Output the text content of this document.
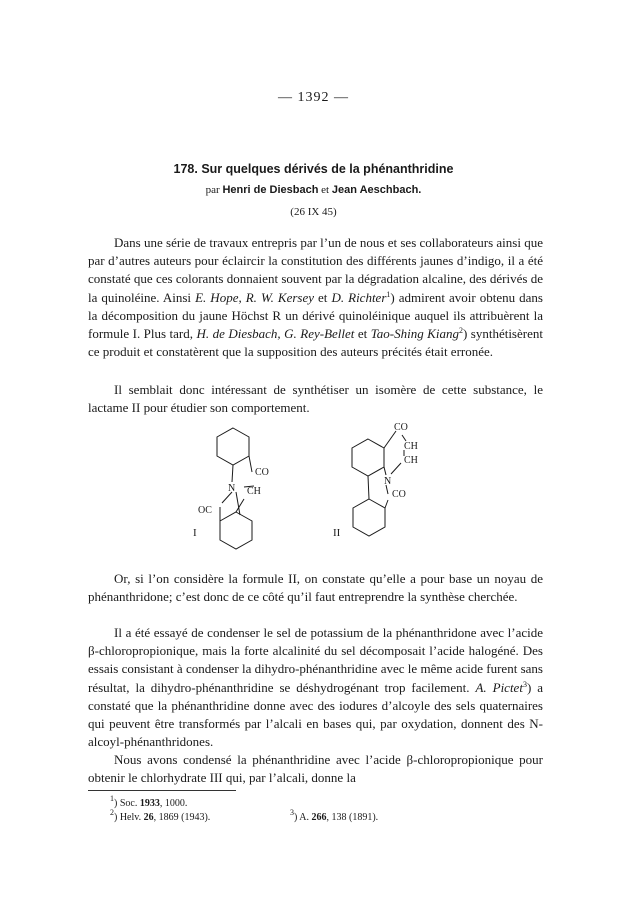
— 1392 —
178. Sur quelques dérivés de la phénanthridine
par Henri de Diesbach et Jean Aeschbach.
(26 IX 45)

Dans une série de travaux entrepris par l’un de nous et ses collaborateurs ainsi que par d’autres auteurs pour éclaircir la constitution des différents jaunes d’indigo, il a été constaté que ces colorants donnaient souvent par la dégradation alcaline, des dérivés de la quinoléine. Ainsi E. Hope, R. W. Kersey et D. Richter$^1$) admirent avoir obtenu dans la décomposition du jaune Höchst R un dérivé quinoléinique auquel ils attribuèrent la formule I. Plus tard, H. de Diesbach, G. Rey-Bellet et Tao-Shing Kiang$^2$) synthétisèrent ce produit et constatèrent que la supposition des auteurs précités était erronée.

Il semblait donc intéressant de synthétiser un isomère de cette substance, le lactame II pour étudier son comportement.

CO
N CH
OC
I
CO
CH
CH
N
CO
II

Or, si l’on considère la formule II, on constate qu’elle a pour base un noyau de phénanthridone; c’est donc de ce côté qu’il faut entreprendre la synthèse cherchée.

Il a été essayé de condenser le sel de potassium de la phénanthridone avec l’acide β-chloropropionique, mais la forte alcalinité du sel décomposait l’acide halogéné. Des essais consistant à condenser la dihydro-phénanthridine avec le même acide furent sans résultat, la dihydro-phénanthridine se déshydrogénant trop facilement. A. Pictet$^3$) a constaté que la phénanthridine donne avec des iodures d’alcoyle des sels quaternaires qui peuvent être transformés par l’alcali en bases qui, par oxydation, donnent des N-alcoyl-phénanthridones.

Nous avons condensé la phénanthridine avec l’acide β-chloropropionique pour obtenir le chlorhydrate III qui, par l’alcali, donne la

$^1$) Soc. 1933, 1000.
$^2$) Helv. 26, 1869 (1943).	$^3$) A. 266, 138 (1891).
